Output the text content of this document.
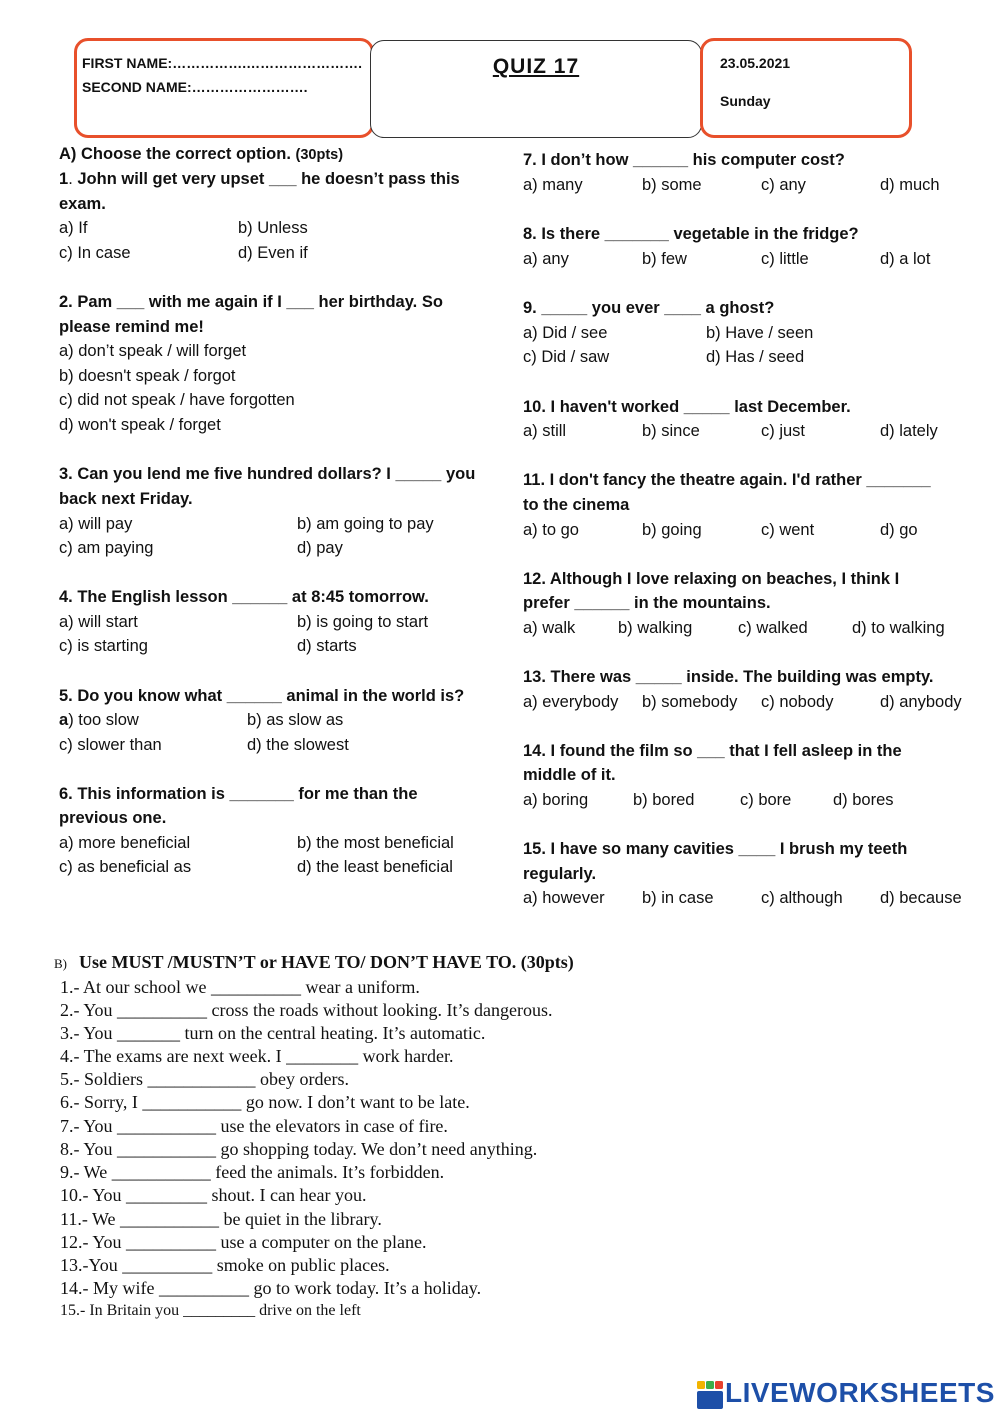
FIRST NAME:…………….…………………….
SECOND NAME:…………………….
QUIZ 17	23.05.2021
Sunday
A) Choose the correct option. (30pts)
1. John will get very upset ___ he doesn’t pass this
exam.
a) If	b) Unless
c) In case	d) Even if
2. Pam ___ with me again if I ___ her birthday. So
please remind me!
a) don’t speak / will forget
b) doesn't speak / forgot
c) did not speak / have forgotten
d) won't speak / forget
3. Can you lend me five hundred dollars? I _____ you
back next Friday.
a) will pay	b) am going to pay
c) am paying	d) pay
4. The English lesson ______ at 8:45 tomorrow.
a) will start	b) is going to start
c) is starting	d) starts
5. Do you know what ______ animal in the world is?
a) too slow	b) as slow as
c) slower than	d) the slowest
6. This information is _______ for me than the
previous one.
a) more beneficial	b) the most beneficial
c) as beneficial as	d) the least beneficial
7. I don’t how ______ his computer cost?
a) many	b) some	c) any	d) much
8. Is there _______ vegetable in the fridge?
a) any	b) few	c) little	d) a lot
9. _____ you ever ____ a ghost?
a) Did / see	b) Have / seen
c) Did / saw	d) Has / seed
10. I haven't worked _____ last December.
a) still	b) since	c) just	d) lately
11. I don't fancy the theatre again. I'd rather _______
to the cinema
a) to go	b) going	c) went	d) go
12. Although I love relaxing on beaches, I think I
prefer ______ in the mountains.
a) walk	b) walking	c) walked	d) to walking
13. There was _____ inside. The building was empty.
a) everybody b) somebody c) nobody	d) anybody
14. I found the film so ___ that I fell asleep in the
middle of it.
a) boring	b) bored	c) bore	d) bores
15. I have so many cavities ____ I brush my teeth
regularly.
a) however b) in case	c) although d) because
B) Use MUST /MUSTN’T or HAVE TO/ DON’T HAVE TO. (30pts)
1.- At our school we __________ wear a uniform.
2.- You __________ cross the roads without looking. It’s dangerous.
3.- You _______ turn on the central heating. It’s automatic.
4.- The exams are next week. I ________ work harder.
5.- Soldiers ____________ obey orders.
6.- Sorry, I ___________ go now. I don’t want to be late.
7.- You ___________ use the elevators in case of fire.
8.- You ___________ go shopping today. We don’t need anything.
9.- We ___________ feed the animals. It’s forbidden.
10.- You _________ shout. I can hear you.
11.- We ___________ be quiet in the library.
12.- You __________ use a computer on the plane.
13.-You __________ smoke on public places.
14.- My wife __________ go to work today. It’s a holiday.
15.- In Britain you _________ drive on the left
LIVEWORKSHEETS
